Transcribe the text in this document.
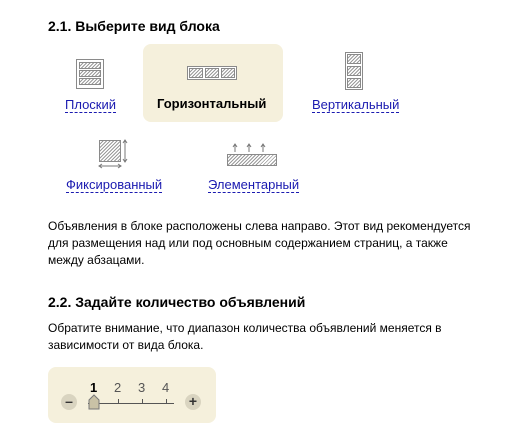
2.1. Выберите вид блока
Плоский	Горизонтальный	Вертикальный
Фиксированный	Элементарный
Объявления в блоке расположены слева направо. Этот вид рекомендуется для размещения над или под основным содержанием страниц, а также между абзацами.
2.2. Задайте количество объявлений
Обратите внимание, что диапазон количества объявлений меняется в зависимости от вида блока.
–
1 2 3 4
+
